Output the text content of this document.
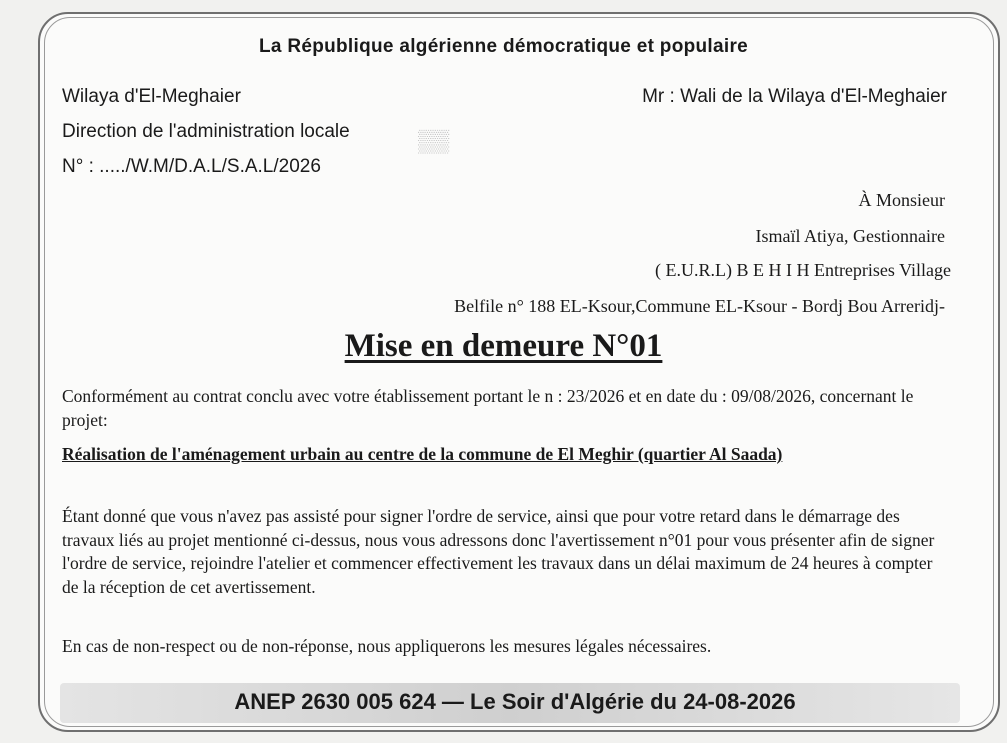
La République algérienne démocratique et populaire
Wilaya d'El-Meghaier	Mr : Wali de la Wilaya d'El-Meghaier
Direction de l'administration locale
N° : ...../W.M/D.A.L/S.A.L/2026
▒▒
À Monsieur
Ismaïl Atiya, Gestionnaire
( E.U.R.L) B E H I H Entreprises Village
Belfile n° 188 EL-Ksour,Commune EL-Ksour - Bordj Bou Arreridj-
Mise en demeure N°01
Conformément au contrat conclu avec votre établissement portant le n : 23/2026 et en date du : 09/08/2026, concernant le projet:
Réalisation de l'aménagement urbain au centre de la commune de El Meghir (quartier Al Saada)
Étant donné que vous n'avez pas assisté pour signer l'ordre de service, ainsi que pour votre retard dans le démarrage des travaux liés au projet mentionné ci-dessus, nous vous adressons donc l'avertissement n°01 pour vous présenter afin de signer l'ordre de service, rejoindre l'atelier et commencer effectivement les travaux dans un délai maximum de 24 heures à compter de la réception de cet avertissement.
En cas de non-respect ou de non-réponse, nous appliquerons les mesures légales nécessaires.
ANEP 2630 005 624 — Le Soir d'Algérie du 24-08-2026
